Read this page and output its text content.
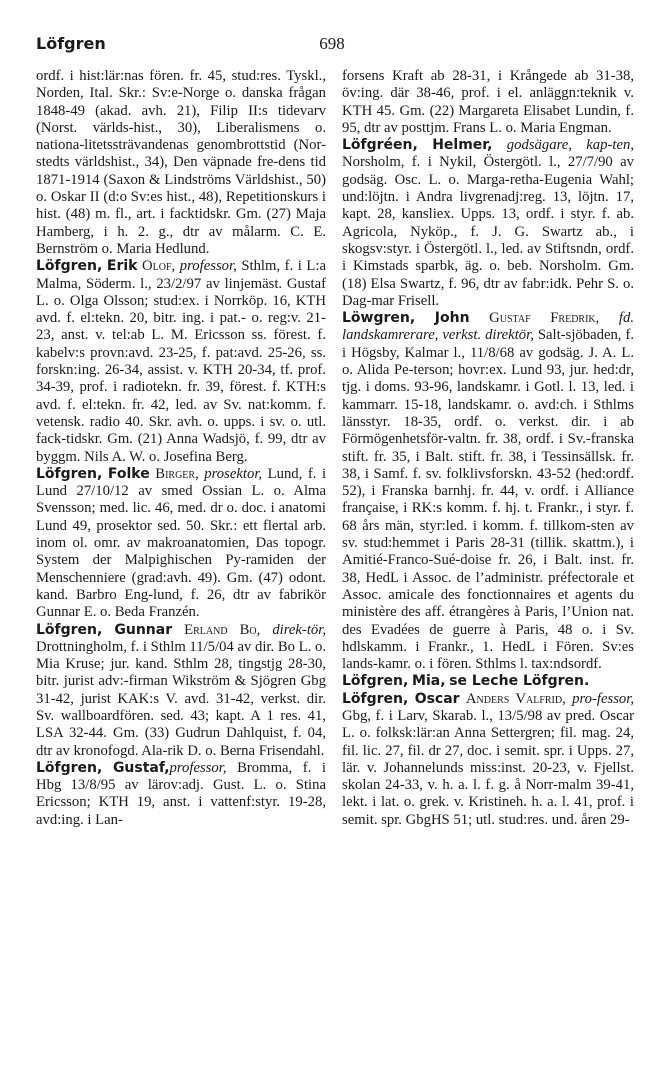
Löfgren	698

ordf. i hist:lär:nas fören. fr. 45, stud:res. Tyskl., Norden, Ital. Skr.: Sv:e-Norge o. danska frågan 1848-49 (akad. avh. 21), Filip II:s tidevarv (Norst. världs-hist., 30), Liberalismens o. nationa-litetssträvandenas genombrottstid (Nor-stedts världshist., 34), Den väpnade fre-dens tid 1871-1914 (Saxon & Lindströms Världshist., 50) o. Oskar II (d:o Sv:es hist., 48), Repetitionskurs i hist. (48) m. fl., art. i facktidskr. Gm. (27) Maja Hamberg, i h. 2. g., dtr av målarm. C. E. Bernström o. Maria Hedlund.

Löfgren, Erik Olof, professor, Sthlm, f. i L:a Malma, Söderm. l., 23/2/97 av linjemäst. Gustaf L. o. Olga Olsson; stud:ex. i Norrköp. 16, KTH avd. f. el:tekn. 20, bitr. ing. i pat.- o. reg:v. 21-23, anst. v. tel:ab L. M. Ericsson ss. förest. f. kabelv:s provn:avd. 23-25, f. pat:avd. 25-26, ss. forskn:ing. 26-34, assist. v. KTH 20-34, tf. prof. 34-39, prof. i radiotekn. fr. 39, förest. f. KTH:s avd. f. el:tekn. fr. 42, led. av Sv. nat:komm. f. vetensk. radio 40. Skr. avh. o. upps. i sv. o. utl. fack-tidskr. Gm. (21) Anna Wadsjö, f. 99, dtr av byggm. Nils A. W. o. Josefina Berg.

Löfgren, Folke Birger, prosektor, Lund, f. i Lund 27/10/12 av smed Ossian L. o. Alma Svensson; med. lic. 46, med. dr o. doc. i anatomi Lund 49, prosektor sed. 50. Skr.: ett flertal arb. inom ol. omr. av makroanatomien, Das topogr. System der Malpighischen Py-ramiden der Menschenniere (grad:avh. 49). Gm. (47) odont. kand. Barbro Eng-lund, f. 26, dtr av fabrikör Gunnar E. o. Beda Franzén.

Löfgren, Gunnar Erland Bo, direk-tör, Drottningholm, f. i Sthlm 11/5/04 av dir. Bo L. o. Mia Kruse; jur. kand. Sthlm 28, tingstjg 28-30, bitr. jurist adv:-firman Wikström & Sjögren Gbg 31-42, jurist KAK:s V. avd. 31-42, verkst. dir. Sv. wallboardfören. sed. 43; kapt. A 1 res. 41, LSA 32-44. Gm. (33) Gudrun Dahlquist, f. 04, dtr av kronofogd. Ala-rik D. o. Berna Frisendahl.

Löfgren, Gustaf,professor, Bromma, f. i Hbg 13/8/95 av lärov:adj. Gust. L. o. Stina Ericsson; KTH 19, anst. i vattenf:styr. 19-28, avd:ing. i Lan-

forsens Kraft ab 28-31, i Krångede ab 31-38, öv:ing. där 38-46, prof. i el. anläggn:teknik v. KTH 45. Gm. (22) Margareta Elisabet Lundin, f. 95, dtr av posttjm. Frans L. o. Maria Engman.

Löfgréen, Helmer, godsägare, kap-ten, Norsholm, f. i Nykil, Östergötl. l., 27/7/90 av godsäg. Osc. L. o. Marga-retha-Eugenia Wahl; und:löjtn. i Andra livgrenadj:reg. 13, löjtn. 17, kapt. 28, kansliex. Upps. 13, ordf. i styr. f. ab. Agricola, Nyköp., f. J. G. Swartz ab., i skogsv:styr. i Östergötl. l., led. av Stiftsndn, ordf. i Kimstads sparbk, äg. o. beb. Norsholm. Gm. (18) Elsa Swartz, f. 96, dtr av fabr:idk. Pehr S. o. Dag-mar Frisell.

Löwgren, John Gustaf Fredrik, fd. landskamrerare, verkst. direktör, Salt-sjöbaden, f. i Högsby, Kalmar l., 11/8/68 av godsäg. J. A. L. o. Alida Pe-terson; hovr:ex. Lund 93, jur. hed:dr, tjg. i doms. 93-96, landskamr. i Gotl. l. 13, led. i kammarr. 15-18, landskamr. o. avd:ch. i Sthlms länsstyr. 18-35, ordf. o. verkst. dir. i ab Förmögenhetsför-valtn. fr. 38, ordf. i Sv.-franska stift. fr. 35, i Balt. stift. fr. 38, i Tessinsällsk. fr. 38, i Samf. f. sv. folklivsforskn. 43-52 (hed:ordf. 52), i Franska barnhj. fr. 44, v. ordf. i Alliance française, i RK:s komm. f. hj. t. Frankr., i styr. f. 68 års män, styr:led. i komm. f. tillkom-sten av sv. stud:hemmet i Paris 28-31 (tillik. skattm.), i Amitié-Franco-Sué-doise fr. 26, i Balt. inst. fr. 38, HedL i Assoc. de l’administr. préfectorale et Assoc. amicale des fonctionnaires et agents du ministère des aff. étrangères à Paris, l’Union nat. des Evadées de guerre à Paris, 48 o. i Sv. hdlskamm. i Frankr., 1. HedL i Fören. Sv:es lands-kamr. o. i fören. Sthlms l. tax:ndsordf.

Löfgren, Mia, se Leche Löfgren.

Löfgren, Oscar Anders Valfrid, pro-fessor, Gbg, f. i Larv, Skarab. l., 13/5/98 av pred. Oscar L. o. folksk:lär:an Anna Settergren; fil. mag. 24, fil. lic. 27, fil. dr 27, doc. i semit. spr. i Upps. 27, lär. v. Johannelunds miss:inst. 20-23, v. Fjellst. skolan 24-33, v. h. a. l. f. g. å Norr-malm 39-41, lekt. i lat. o. grek. v. Kristineh. h. a. l. 41, prof. i semit. spr. GbgHS 51; utl. stud:res. und. åren 29-
